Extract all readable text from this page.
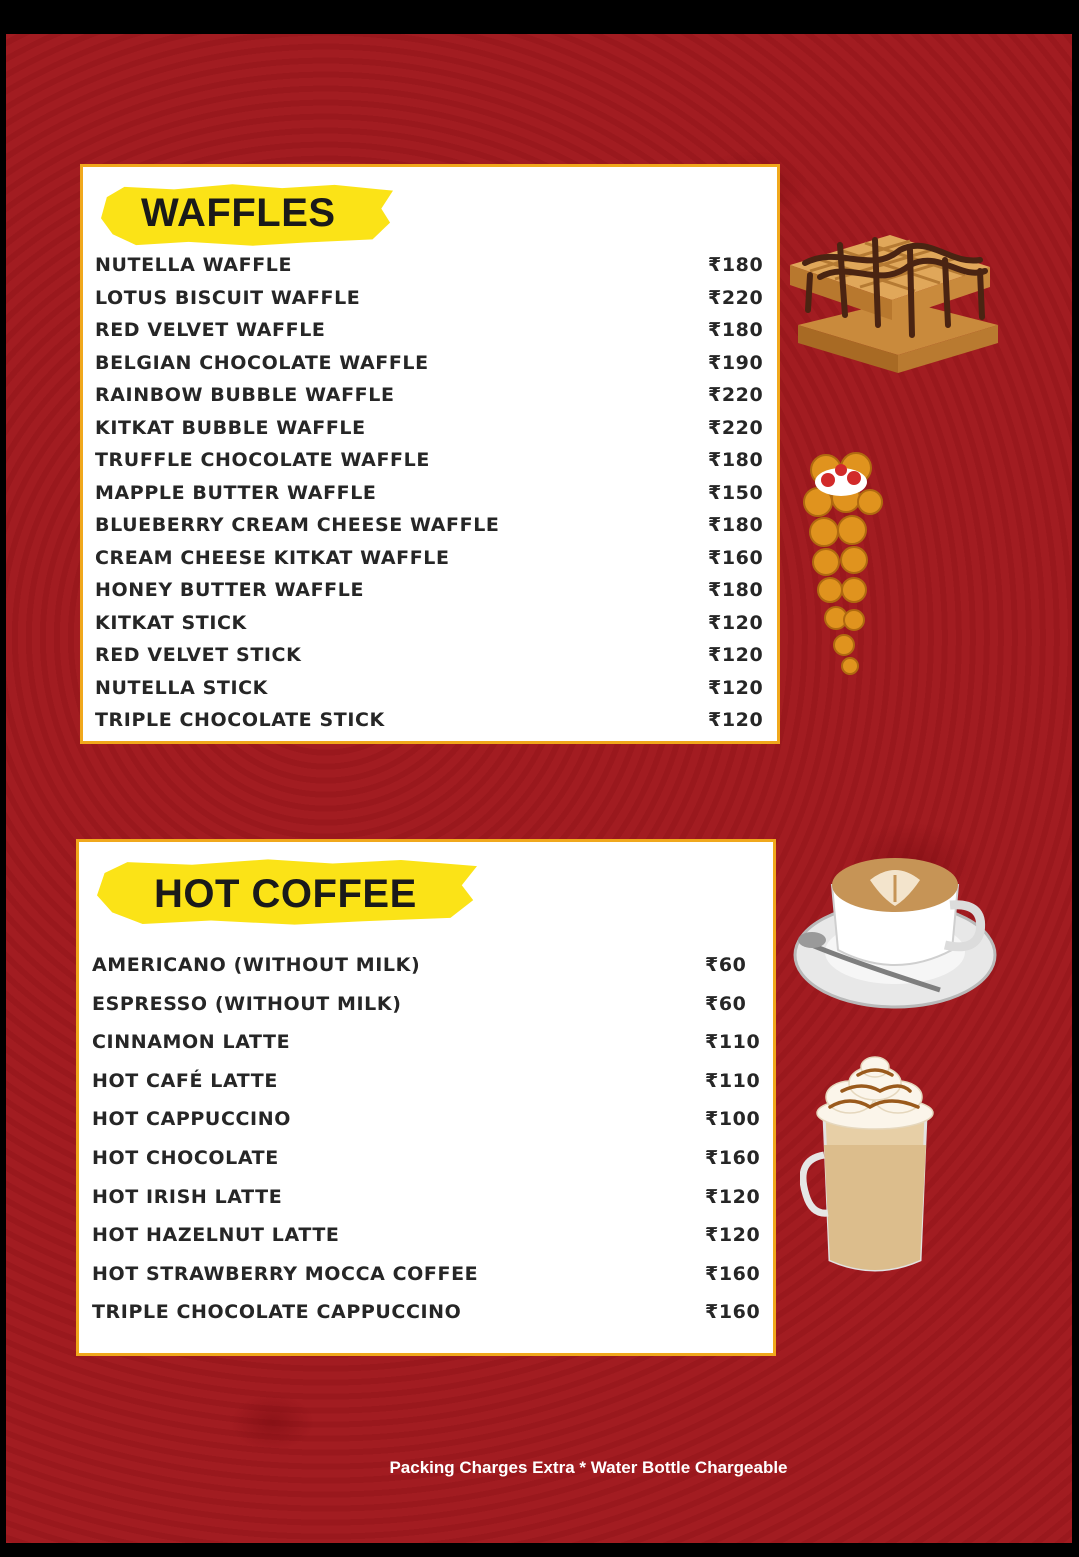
WAFFLES
NUTELLA WAFFLE	₹180
LOTUS BISCUIT WAFFLE	₹220
RED VELVET WAFFLE	₹180
BELGIAN CHOCOLATE WAFFLE	₹190
RAINBOW BUBBLE WAFFLE	₹220
KITKAT BUBBLE WAFFLE	₹220
TRUFFLE CHOCOLATE WAFFLE	₹180
MAPPLE BUTTER WAFFLE	₹150
BLUEBERRY CREAM CHEESE WAFFLE	₹180
CREAM CHEESE KITKAT WAFFLE	₹160
HONEY BUTTER WAFFLE	₹180
KITKAT STICK	₹120
RED VELVET STICK	₹120
NUTELLA STICK	₹120
TRIPLE CHOCOLATE STICK	₹120
HOT COFFEE
AMERICANO (WITHOUT MILK)	₹60
ESPRESSO (WITHOUT MILK)	₹60
CINNAMON LATTE	₹110
HOT CAFÉ LATTE	₹110
HOT CAPPUCCINO	₹100
HOT CHOCOLATE	₹160
HOT IRISH LATTE	₹120
HOT HAZELNUT LATTE	₹120
HOT STRAWBERRY MOCCA COFFEE	₹160
TRIPLE CHOCOLATE CAPPUCCINO	₹160
Packing Charges Extra * Water Bottle Chargeable
